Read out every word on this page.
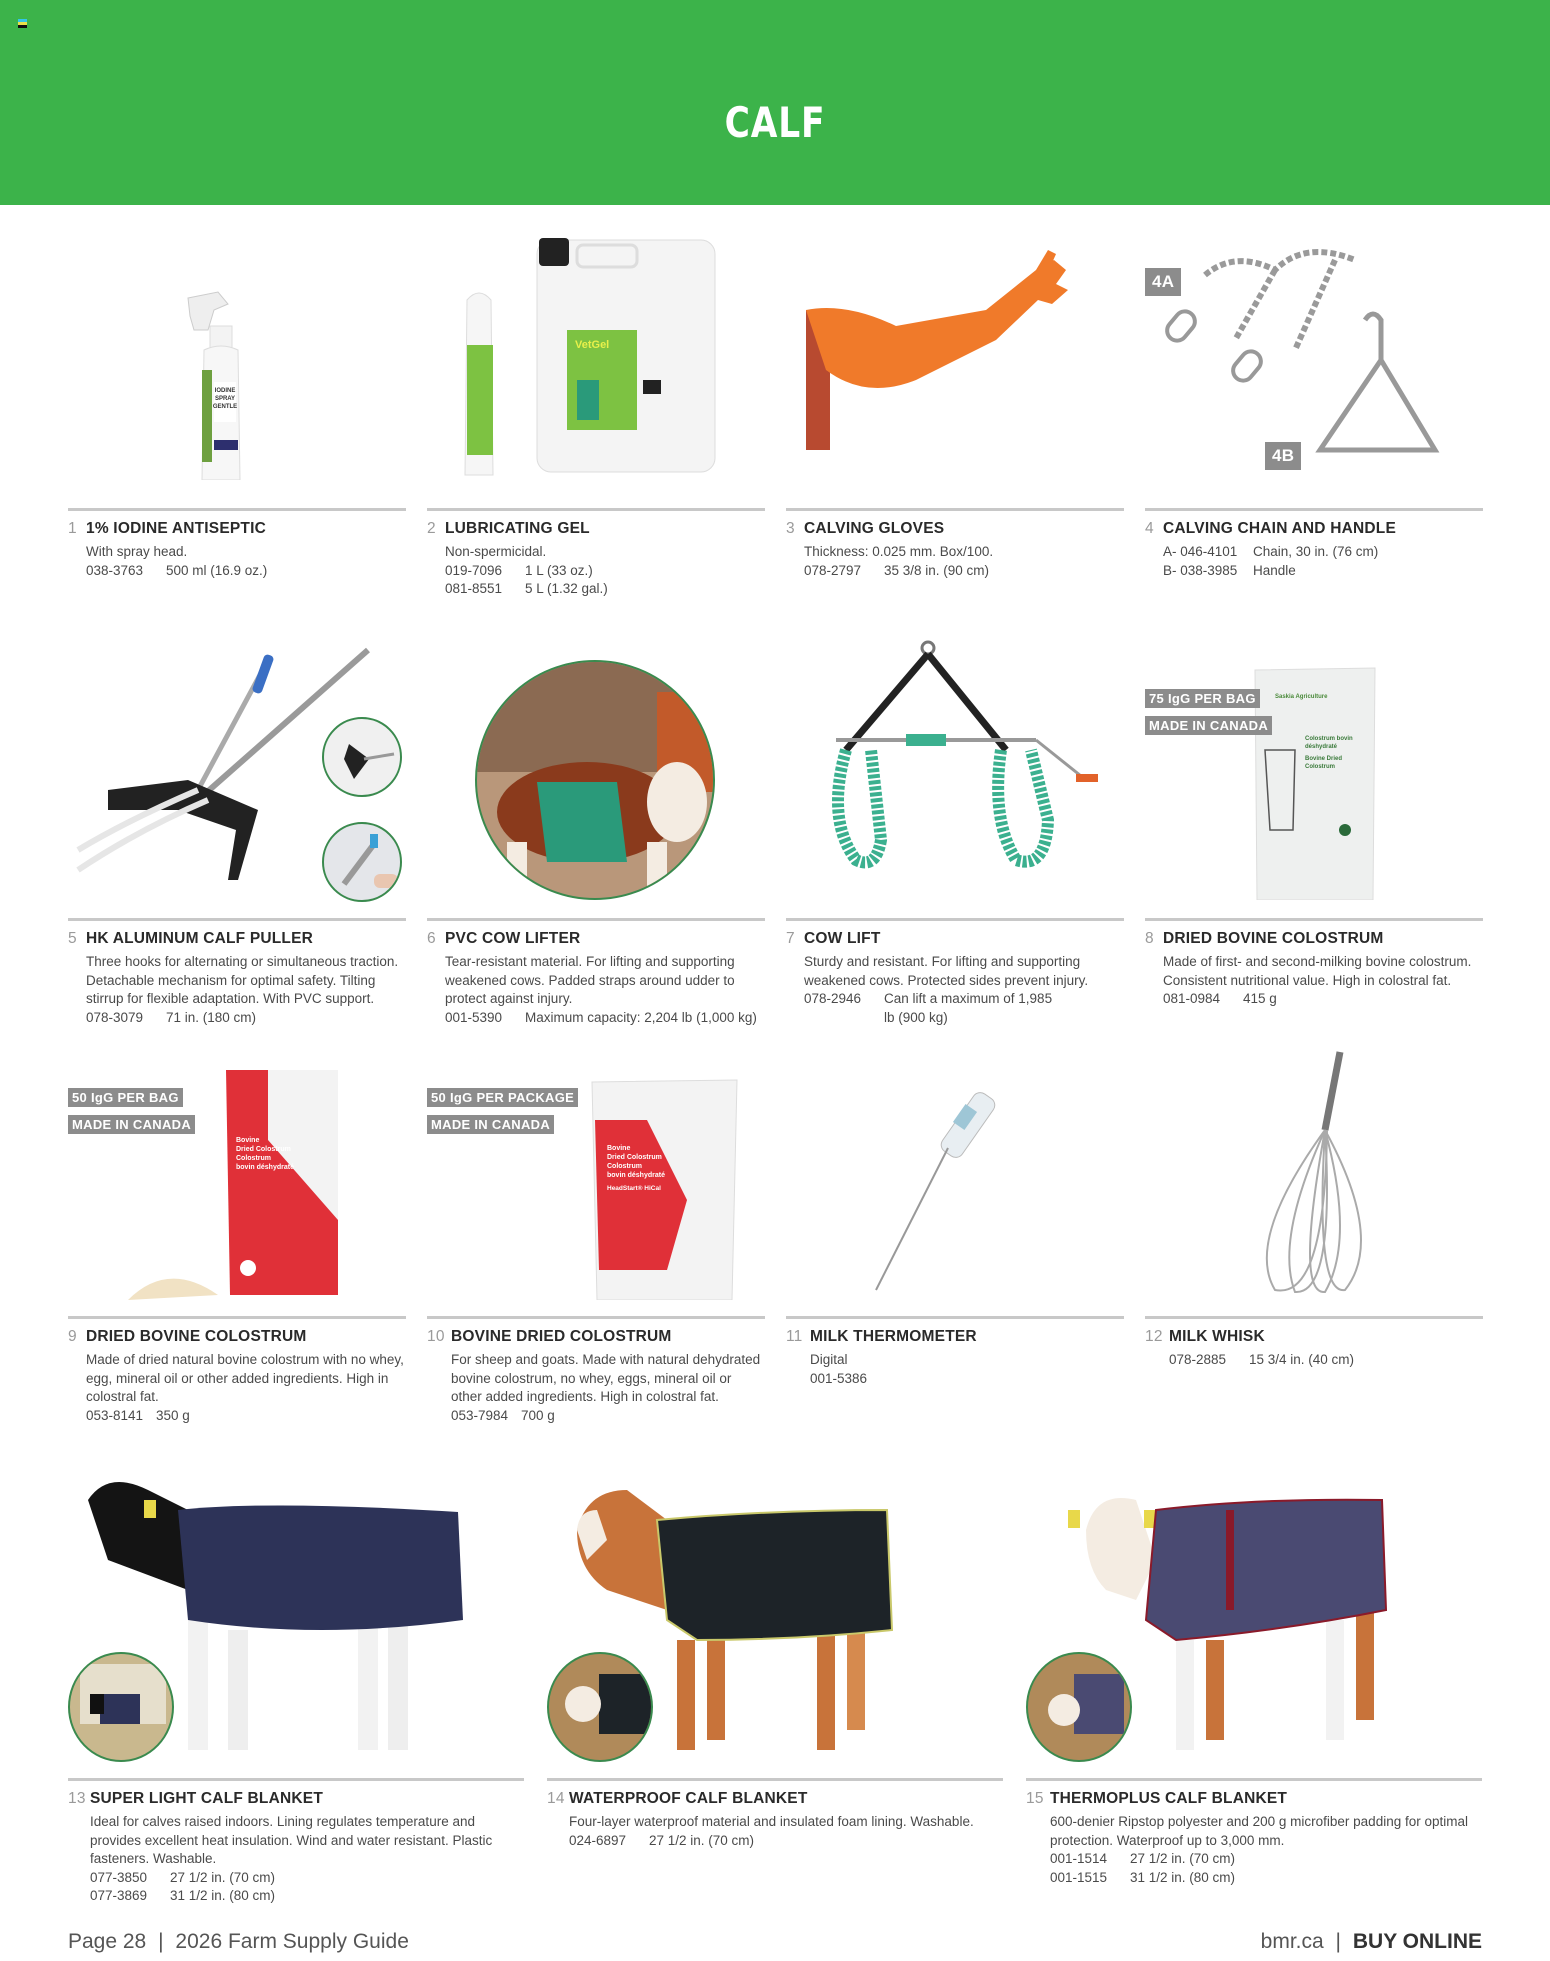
CALF
IODINE
SPRAY
GENTLE
1 1% IODINE ANTISEPTIC
With spray head.
038-3763	500 ml (16.9 oz.)
VetGel
2 LUBRICATING GEL
Non-spermicidal.
019-7096	1 L (33 oz.)
081-8551	5 L (1.32 gal.)
3 CALVING GLOVES
Thickness: 0.025 mm. Box/100.
078-2797	35 3/8 in. (90 cm)
4A
4B
4 CALVING CHAIN AND HANDLE
A- 046-4101	Chain, 30 in. (76 cm)
B- 038-3985	Handle
5 HK ALUMINUM CALF PULLER
Three hooks for alternating or simultaneous traction. Detachable mechanism for optimal safety. Tilting stirrup for flexible adaptation. With PVC support.
078-3079	71 in. (180 cm)
6 PVC COW LIFTER
Tear-resistant material. For lifting and supporting weakened cows. Padded straps around udder to protect against injury.
001-5390	Maximum capacity: 2,204 lb (1,000 kg)
7 COW LIFT
Sturdy and resistant. For lifting and supporting weakened cows. Protected sides prevent injury.
078-2946	Can lift a maximum of 1,985 lb (900 kg)
Saskia Agriculture
Colostrum bovin
déshydraté
Bovine Dried
Colostrum
75 IgG PER BAG
MADE IN CANADA
8 DRIED BOVINE COLOSTRUM
Made of first- and second-milking bovine colostrum. Consistent nutritional value. High in colostral fat.
081-0984	415 g
Bovine
Dried Colostrum
Colostrum
bovin déshydraté
50 IgG PER BAG
MADE IN CANADA
9 DRIED BOVINE COLOSTRUM
Made of dried natural bovine colostrum with no whey, egg, mineral oil or other added ingredients. High in colostral fat.
053-8141 350 g
Bovine
Dried Colostrum
Colostrum
bovin déshydraté
HeadStart® HiCal
50 IgG PER PACKAGE
MADE IN CANADA
10 BOVINE DRIED COLOSTRUM
For sheep and goats. Made with natural dehydrated bovine colostrum, no whey, eggs, mineral oil or other added ingredients. High in colostral fat.
053-7984 700 g
11 MILK THERMOMETER
Digital
001-5386
12 MILK WHISK
078-2885	15 3/4 in. (40 cm)
13 SUPER LIGHT CALF BLANKET
Ideal for calves raised indoors. Lining regulates temperature and provides excellent heat insulation. Wind and water resistant. Plastic fasteners. Washable.
077-3850	27 1/2 in. (70 cm)
077-3869	31 1/2 in. (80 cm)
14 WATERPROOF CALF BLANKET
Four-layer waterproof material and insulated foam lining. Washable.
024-6897	27 1/2 in. (70 cm)
15 THERMOPLUS CALF BLANKET
600-denier Ripstop polyester and 200 g microfiber padding for optimal protection. Waterproof up to 3,000 mm.
001-1514	27 1/2 in. (70 cm)
001-1515	31 1/2 in. (80 cm)
Page 28 | 2026 Farm Supply Guide	bmr.ca | BUY ONLINE
